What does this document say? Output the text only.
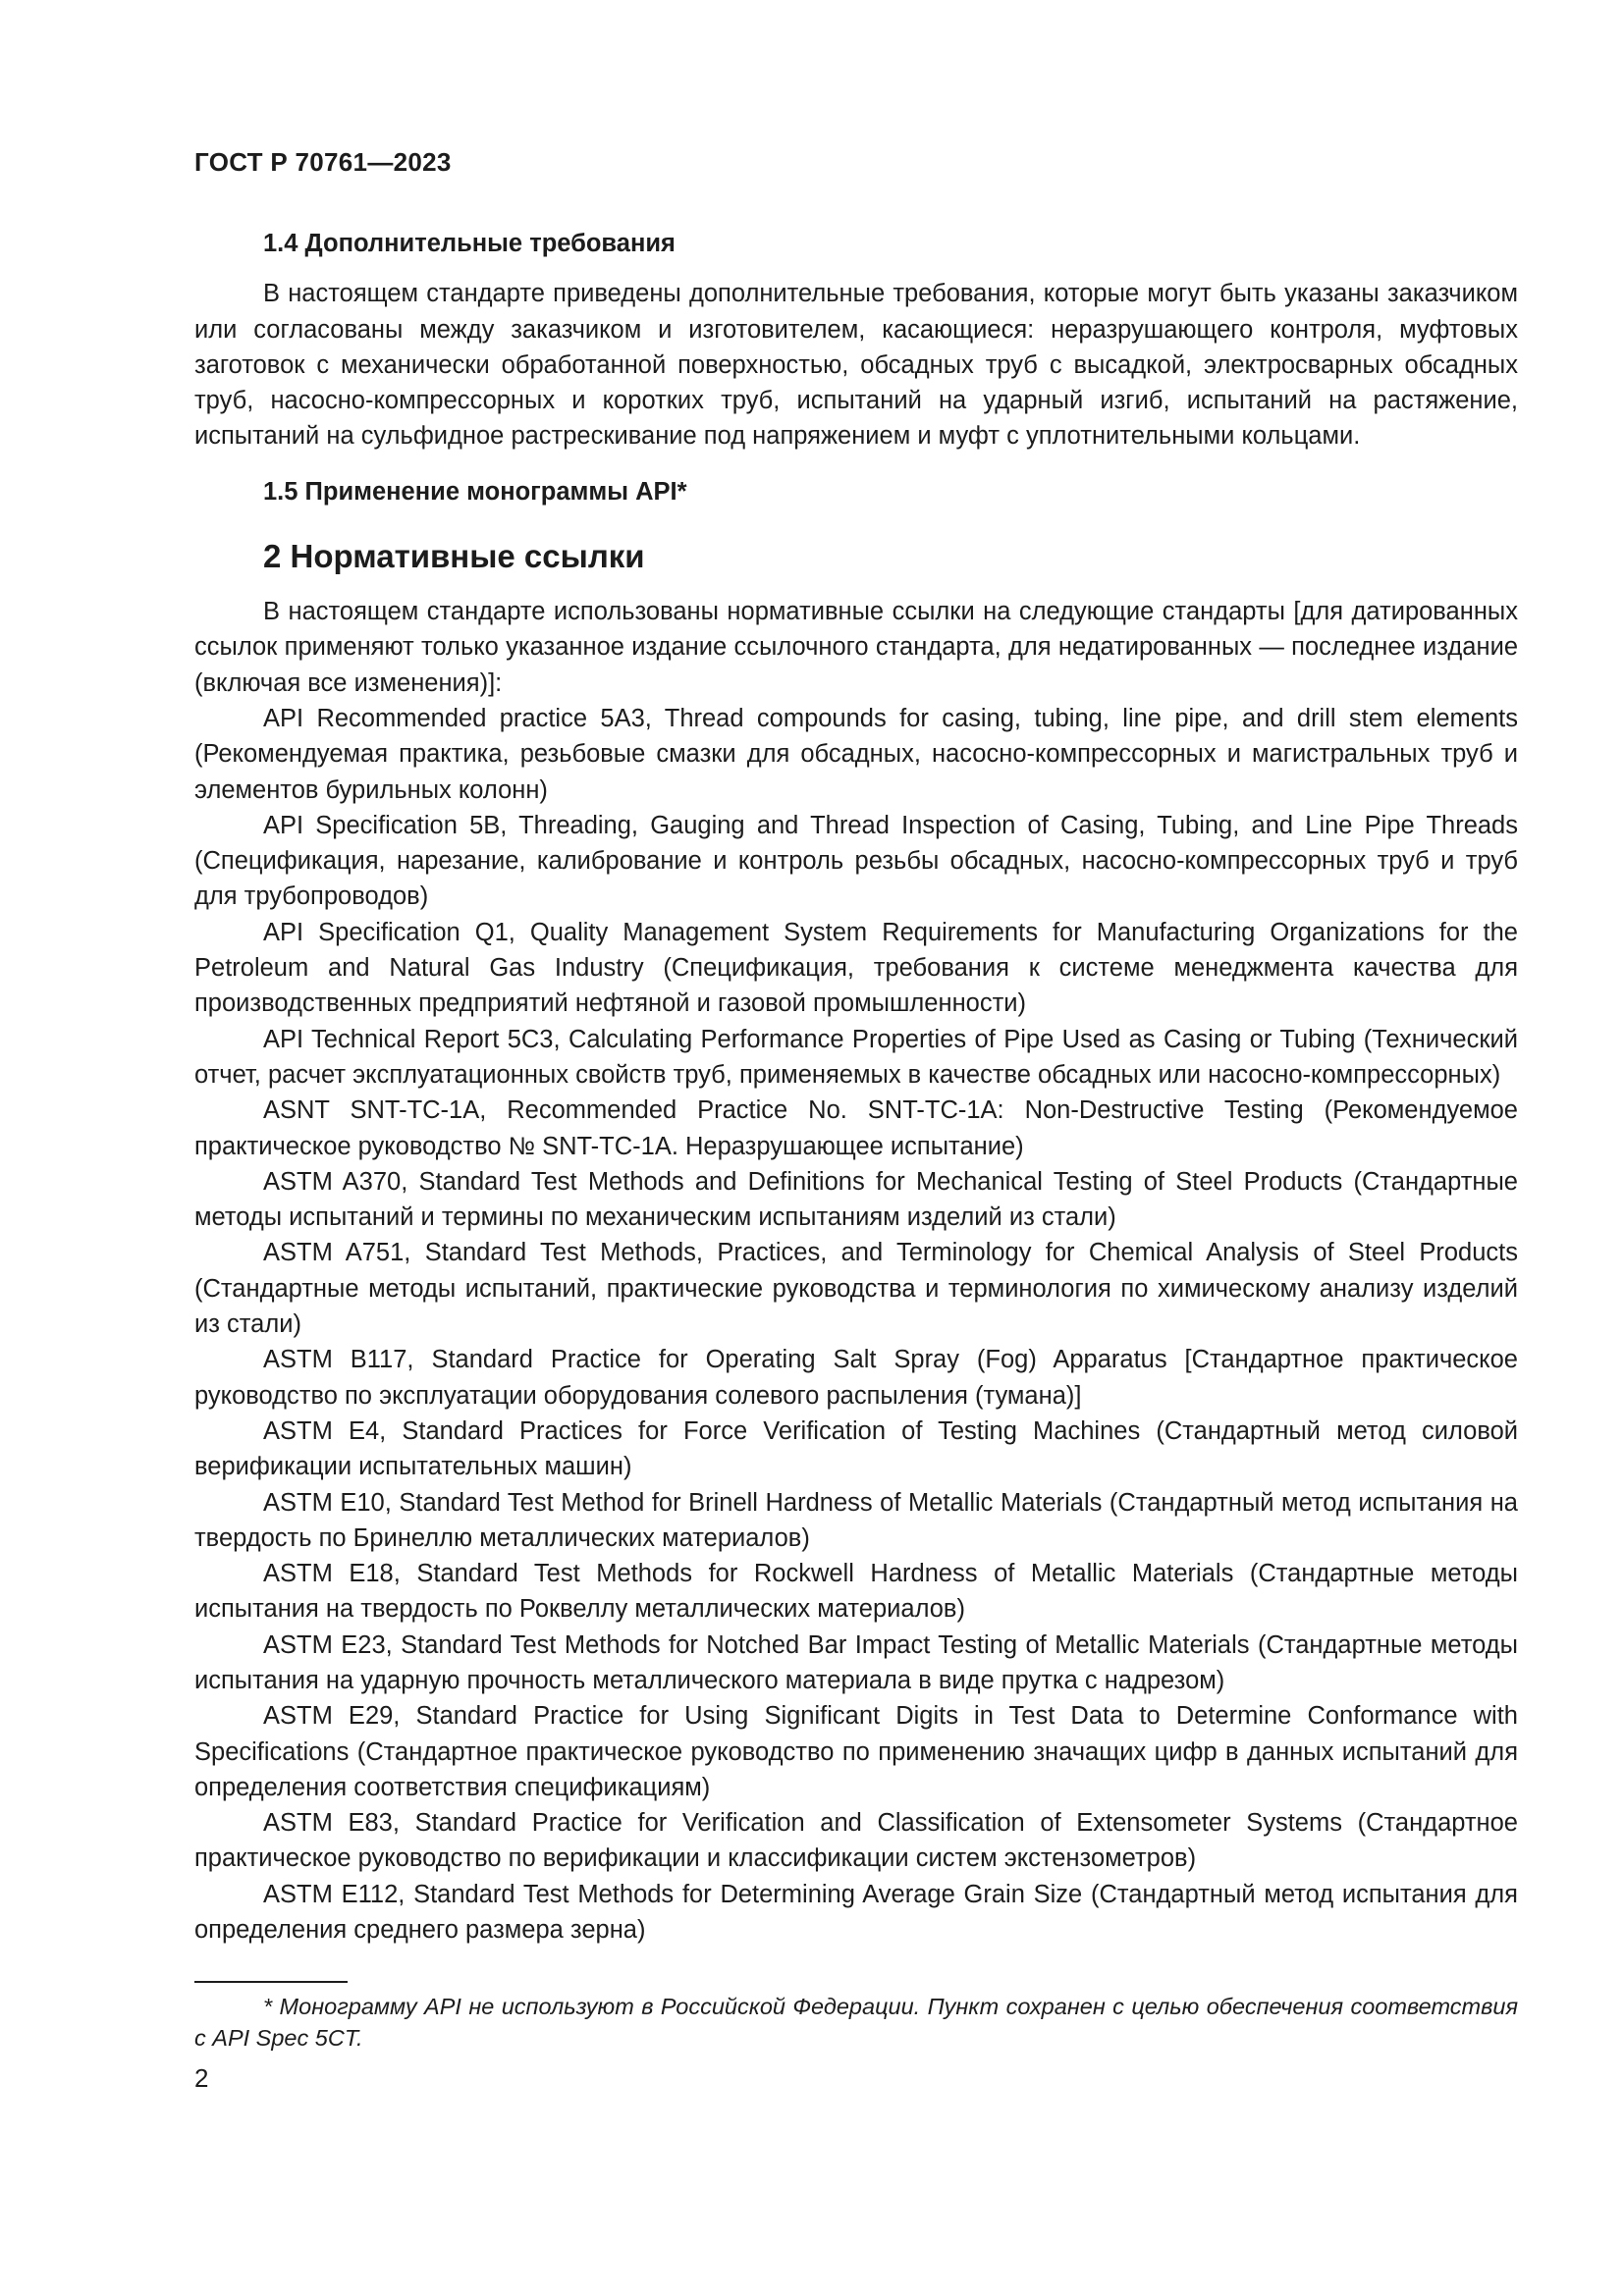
ГОСТ Р 70761—2023
1.4 Дополнительные требования

В настоящем стандарте приведены дополнительные требования, которые могут быть указаны заказчиком или согласованы между заказчиком и изготовителем, касающиеся: неразрушающего контроля, муфтовых заготовок с механически обработанной поверхностью, обсадных труб с высадкой, электросварных обсадных труб, насосно-компрессорных и коротких труб, испытаний на ударный изгиб, испытаний на растяжение, испытаний на сульфидное растрескивание под напряжением и муфт с уплотнительными кольцами.

1.5 Применение монограммы API*
2 Нормативные ссылки

В настоящем стандарте использованы нормативные ссылки на следующие стандарты [для датированных ссылок применяют только указанное издание ссылочного стандарта, для недатированных — последнее издание (включая все изменения)]:

API Recommended practice 5A3, Thread compounds for casing, tubing, line pipe, and drill stem elements (Рекомендуемая практика, резьбовые смазки для обсадных, насосно-компрессорных и магистральных труб и элементов бурильных колонн)

API Specification 5B, Threading, Gauging and Thread Inspection of Casing, Tubing, and Line Pipe Threads (Спецификация, нарезание, калибрование и контроль резьбы обсадных, насосно-компрессорных труб и труб для трубопроводов)

API Specification Q1, Quality Management System Requirements for Manufacturing Organizations for the Petroleum and Natural Gas Industry (Спецификация, требования к системе менеджмента качества для производственных предприятий нефтяной и газовой промышленности)

API Technical Report 5C3, Calculating Performance Properties of Pipe Used as Casing or Tubing (Технический отчет, расчет эксплуатационных свойств труб, применяемых в качестве обсадных или насосно-компрессорных)

ASNT SNT-TC-1A, Recommended Practice No. SNT-TC-1A: Non-Destructive Testing (Рекомендуемое практическое руководство № SNT-TC-1A. Неразрушающее испытание)

ASTM A370, Standard Test Methods and Definitions for Mechanical Testing of Steel Products (Стандартные методы испытаний и термины по механическим испытаниям изделий из стали)

ASTM A751, Standard Test Methods, Practices, and Terminology for Chemical Analysis of Steel Products (Стандартные методы испытаний, практические руководства и терминология по химическому анализу изделий из стали)

ASTM B117, Standard Practice for Operating Salt Spray (Fog) Apparatus [Стандартное практическое руководство по эксплуатации оборудования солевого распыления (тумана)]

ASTM E4, Standard Practices for Force Verification of Testing Machines (Стандартный метод силовой верификации испытательных машин)

ASTM E10, Standard Test Method for Brinell Hardness of Metallic Materials (Стандартный метод испытания на твердость по Бринеллю металлических материалов)

ASTM E18, Standard Test Methods for Rockwell Hardness of Metallic Materials (Стандартные методы испытания на твердость по Роквеллу металлических материалов)

ASTM E23, Standard Test Methods for Notched Bar Impact Testing of Metallic Materials (Стандартные методы испытания на ударную прочность металлического материала в виде прутка с надрезом)

ASTM E29, Standard Practice for Using Significant Digits in Test Data to Determine Conformance with Specifications (Стандартное практическое руководство по применению значащих цифр в данных испытаний для определения соответствия спецификациям)

ASTM E83, Standard Practice for Verification and Classification of Extensometer Systems (Стандартное практическое руководство по верификации и классификации систем экстензометров)

ASTM E112, Standard Test Methods for Determining Average Grain Size (Стандартный метод испытания для определения среднего размера зерна)

* Монограмму API не используют в Российской Федерации. Пункт сохранен с целью обеспечения соответствия с API Spec 5CT.
2
